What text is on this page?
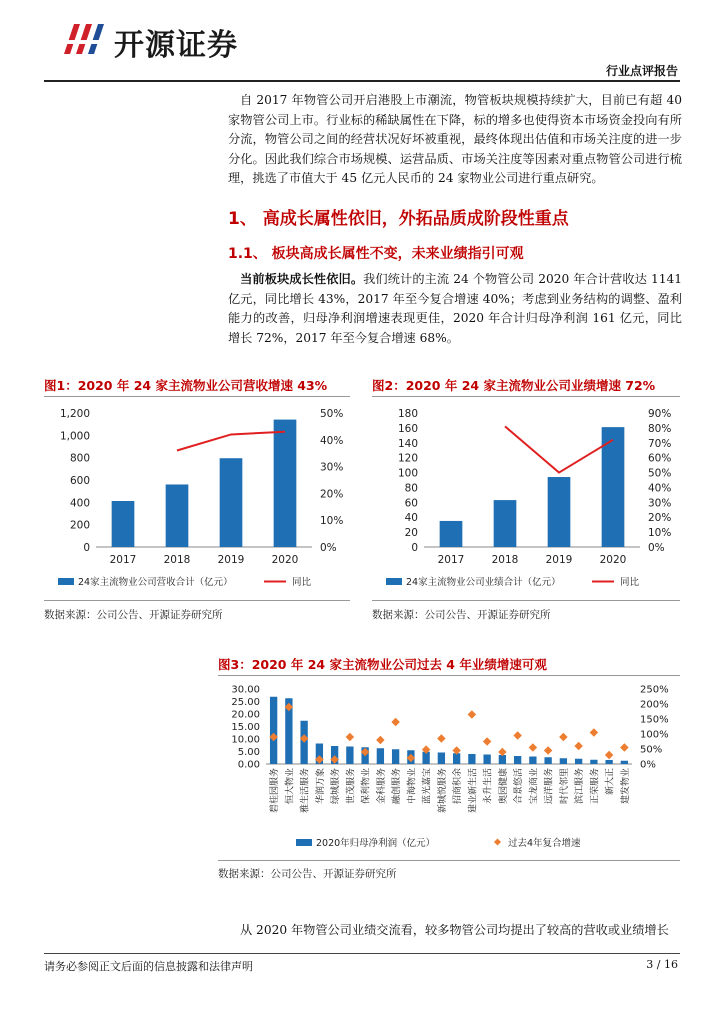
开源证券
行业点评报告
自 2017 年物管公司开启港股上市潮流，物管板块规模持续扩大，目前已有超 40 家物管公司上市。行业标的稀缺属性在下降，标的增多也使得资本市场资金投向有所分流，物管公司之间的经营状况好坏被重视，最终体现出估值和市场关注度的进一步分化。因此我们综合市场规模、运营品质、市场关注度等因素对重点物管公司进行梳理，挑选了市值大于 45 亿元人民币的 24 家物业公司进行重点研究。
1、 高成长属性依旧，外拓品质成阶段性重点
1.1、 板块高成长属性不变，未来业绩指引可观
当前板块成长性依旧。我们统计的主流 24 个物管公司 2020 年合计营收达 1141 亿元，同比增长 43%，2017 年至今复合增速 40%；考虑到业务结构的调整、盈利能力的改善，归母净利润增速表现更佳，2020 年合计归母净利润 161 亿元，同比增长 72%，2017 年至今复合增速 68%。
图1：2020 年 24 家主流物业公司营收增速 43%
0
200
400
600
800
1,000
1,200
0%
10%
20%
30%
40%
50%
2017	2018	2019	2020
24家主流物业公司营收合计（亿元）	同比
数据来源：公司公告、开源证券研究所
图2：2020 年 24 家主流物业公司业绩增速 72%
0
20
40
60
80
100
120
140
160
180
0%
10%
20%
30%
40%
50%
60%
70%
80%
90%
2017	2018	2019	2020
24家主流物业公司业绩合计（亿元）	同比
数据来源：公司公告、开源证券研究所
图3：2020 年 24 家主流物业公司过去 4 年业绩增速可观
0.00
5.00
10.00
15.00
20.00
25.00
30.00
0%
50%
100%
150%
200%
250%
碧桂园服务 恒大物业 雅生活服务 华润万象 绿城服务 世茂服务 保利物业 金科服务 融创服务 中海物业 蓝光嘉宝 新城悦服务 招商积余 建业新生活 永升生活 奥园健康 合景悠活 宝龙商业 远洋服务 时代邻里 滨江服务 正荣服务 新大正 建发物业
2020年归母净利润（亿元）	过去4年复合增速
数据来源：公司公告、开源证券研究所
从 2020 年物管公司业绩交流看，较多物管公司均提出了较高的营收或业绩增长
请务必参阅正文后面的信息披露和法律声明	3 / 16
